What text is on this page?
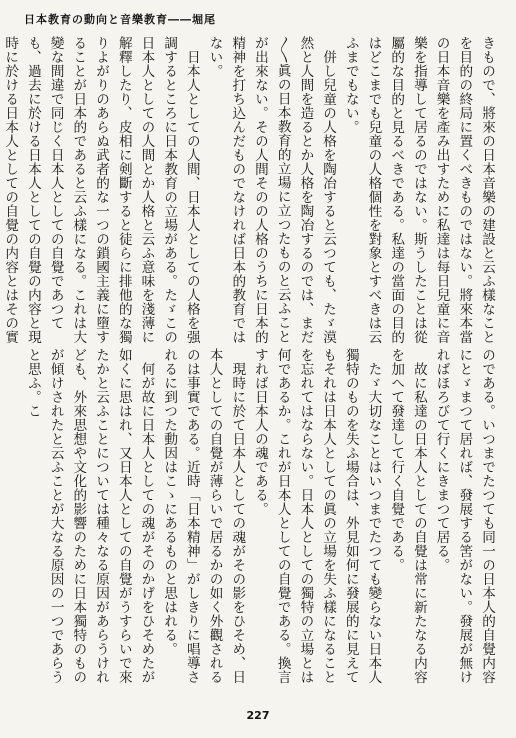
日本教育の動向と音樂教育――堀尾

きもので、將來の日本音樂の建設と云ふ樣なことを目的の終局に置くべきものではない。將來本當の日本音樂を產み出すために私達は每日兒童に音樂を指導して居るのではない。斯うしたことは從屬的な目的と見るべきである。私達の當面の目的はどこまでも兒童の人格個性を對象とすべきは云ふまでもない。

併し兒童の人格を陶冶すると云つても、たゞ漠然と人間を造るとか人格を陶冶するのでは、まだ〳〵眞の日本教育的立場に立つたものと云ふことが出來ない。その人間そのの人格のうちに日本的精神を打ち込んだものでなければ日本的教育ではない。

日本人としての人間、日本人としての人格を强調するところに日本教育の立場がある。たゞこの日本人としての人間とか人格と云ふ意味を淺薄に解釋したり、皮相に剣斷すると徒らに排他的な獨りよがりのあらぬ武者的な一つの鎖國主義に墮することが日本的であると云ふ樣になる。これは大變な間違で同じく日本人としての自覺であつても、過去に於ける日本人としての自覺の内容と現時に於ける日本人としての自覺の内容とはその實

のである。いつまでたつても同一の日本人的自覺内容にとゞまつて居れば、發展する筈がない。發展が無ければほろびて行くにきまつて居る。

故に私達の日本人としての自覺は常に新たなる内容を加へて發達して行く自覺である。

たゞ大切なことはいつまでたつても變らない日本人獨特のものを失ふ場合は、外見如何に發展的に見えてもそれは日本人としての眞の立場を失ふ樣になることを忘れてはならない。日本人としての獨特の立場とは何であるか。これが日本人としての自覺である。換言すれば日本人の魂である。

現時に於て日本人としての魂がその影をひそめ、日本人としての自覺が薄らいで居るかの如く外觀されるのは事實である。近時「日本精神」がしきりに唱導されるに到つた動因はこゝにあるものと思はれる。

何が故に日本人としての魂がそのかげをひそめたが如くに思はれ、又日本人としての自覺がうすらいで來たかと云ふことについては種々なる原因があらうけれども、外來思想や文化的影響のために日本獨特のものが傾けされたと云ふことが大なる原因の一つであらうと思ふ。こ

227
